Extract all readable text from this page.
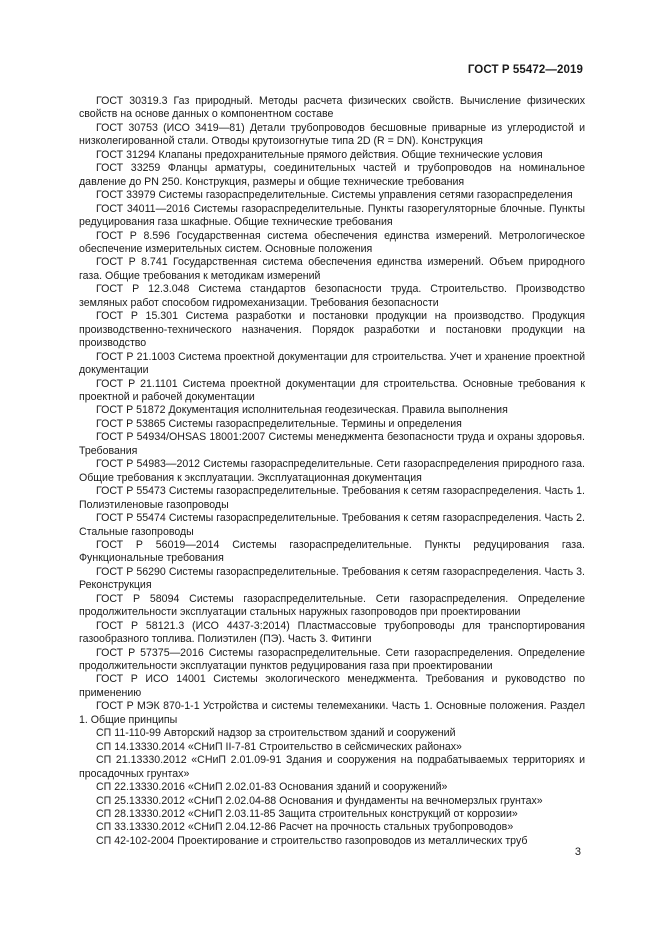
ГОСТ Р 55472—2019

ГОСТ 30319.3 Газ природный. Методы расчета физических свойств. Вычисление физических свойств на основе данных о компонентном составе

ГОСТ 30753 (ИСО 3419—81) Детали трубопроводов бесшовные приварные из углеродистой и низколегированной стали. Отводы крутоизогнутые типа 2D (R = DN). Конструкция

ГОСТ 31294 Клапаны предохранительные прямого действия. Общие технические условия

ГОСТ 33259 Фланцы арматуры, соединительных частей и трубопроводов на номинальное давление до PN 250. Конструкция, размеры и общие технические требования

ГОСТ 33979 Системы газораспределительные. Системы управления сетями газораспределения

ГОСТ 34011—2016 Системы газораспределительные. Пункты газорегуляторные блочные. Пункты редуцирования газа шкафные. Общие технические требования

ГОСТ Р 8.596 Государственная система обеспечения единства измерений. Метрологическое обеспечение измерительных систем. Основные положения

ГОСТ Р 8.741 Государственная система обеспечения единства измерений. Объем природного газа. Общие требования к методикам измерений

ГОСТ Р 12.3.048 Система стандартов безопасности труда. Строительство. Производство земляных работ способом гидромеханизации. Требования безопасности

ГОСТ Р 15.301 Система разработки и постановки продукции на производство. Продукция производственно-технического назначения. Порядок разработки и постановки продукции на производство

ГОСТ Р 21.1003 Система проектной документации для строительства. Учет и хранение проектной документации

ГОСТ Р 21.1101 Система проектной документации для строительства. Основные требования к проектной и рабочей документации

ГОСТ Р 51872 Документация исполнительная геодезическая. Правила выполнения

ГОСТ Р 53865 Системы газораспределительные. Термины и определения

ГОСТ Р 54934/OHSAS 18001:2007 Системы менеджмента безопасности труда и охраны здоровья. Требования

ГОСТ Р 54983—2012 Системы газораспределительные. Сети газораспределения природного газа. Общие требования к эксплуатации. Эксплуатационная документация

ГОСТ Р 55473 Системы газораспределительные. Требования к сетям газораспределения. Часть 1. Полиэтиленовые газопроводы

ГОСТ Р 55474 Системы газораспределительные. Требования к сетям газораспределения. Часть 2. Стальные газопроводы

ГОСТ Р 56019—2014 Системы газораспределительные. Пункты редуцирования газа. Функциональные требования

ГОСТ Р 56290 Системы газораспределительные. Требования к сетям газораспределения. Часть 3. Реконструкция

ГОСТ Р 58094 Системы газораспределительные. Сети газораспределения. Определение продолжительности эксплуатации стальных наружных газопроводов при проектировании

ГОСТ Р 58121.3 (ИСО 4437-3:2014) Пластмассовые трубопроводы для транспортирования газообразного топлива. Полиэтилен (ПЭ). Часть 3. Фитинги

ГОСТ Р 57375—2016 Системы газораспределительные. Сети газораспределения. Определение продолжительности эксплуатации пунктов редуцирования газа при проектировании

ГОСТ Р ИСО 14001 Системы экологического менеджмента. Требования и руководство по применению

ГОСТ Р МЭК 870-1-1 Устройства и системы телемеханики. Часть 1. Основные положения. Раздел 1. Общие принципы

СП 11-110-99 Авторский надзор за строительством зданий и сооружений

СП 14.13330.2014 «СНиП II-7-81 Строительство в сейсмических районах»

СП 21.13330.2012 «СНиП 2.01.09-91 Здания и сооружения на подрабатываемых территориях и просадочных грунтах»

СП 22.13330.2016 «СНиП 2.02.01-83 Основания зданий и сооружений»

СП 25.13330.2012 «СНиП 2.02.04-88 Основания и фундаменты на вечномерзлых грунтах»

СП 28.13330.2012 «СНиП 2.03.11-85 Защита строительных конструкций от коррозии»

СП 33.13330.2012 «СНиП 2.04.12-86 Расчет на прочность стальных трубопроводов»

СП 42-102-2004 Проектирование и строительство газопроводов из металлических труб

3
